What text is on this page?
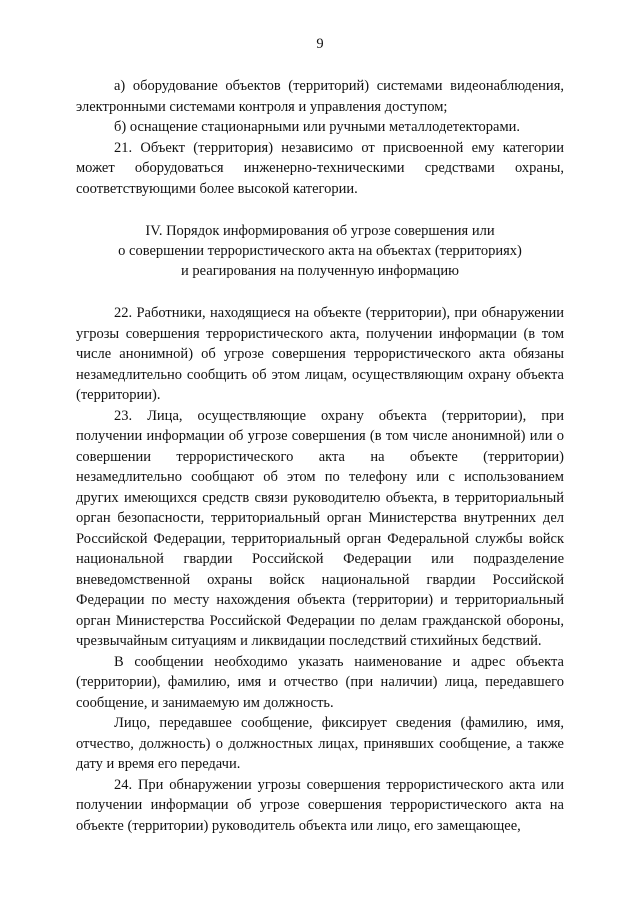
9

а) оборудование объектов (территорий) системами видеонаблюдения, электронными системами контроля и управления доступом;

б) оснащение стационарными или ручными металлодетекторами.

21. Объект (территория) независимо от присвоенной ему категории может оборудоваться инженерно-техническими средствами охраны, соответствующими более высокой категории.

IV. Порядок информирования об угрозе совершения или
о совершении террористического акта на объектах (территориях)
и реагирования на полученную информацию

22. Работники, находящиеся на объекте (территории), при обнаружении угрозы совершения террористического акта, получении информации (в том числе анонимной) об угрозе совершения террористического акта обязаны незамедлительно сообщить об этом лицам, осуществляющим охрану объекта (территории).

23. Лица, осуществляющие охрану объекта (территории), при получении информации об угрозе совершения (в том числе анонимной) или о совершении террористического акта на объекте (территории) незамедлительно сообщают об этом по телефону или с использованием других имеющихся средств связи руководителю объекта, в территориальный орган безопасности, территориальный орган Министерства внутренних дел Российской Федерации, территориальный орган Федеральной службы войск национальной гвардии Российской Федерации или подразделение вневедомственной охраны войск национальной гвардии Российской Федерации по месту нахождения объекта (территории) и территориальный орган Министерства Российской Федерации по делам гражданской обороны, чрезвычайным ситуациям и ликвидации последствий стихийных бедствий.

В сообщении необходимо указать наименование и адрес объекта (территории), фамилию, имя и отчество (при наличии) лица, передавшего сообщение, и занимаемую им должность.

Лицо, передавшее сообщение, фиксирует сведения (фамилию, имя, отчество, должность) о должностных лицах, принявших сообщение, а также дату и время его передачи.

24. При обнаружении угрозы совершения террористического акта или получении информации об угрозе совершения террористического акта на объекте (территории) руководитель объекта или лицо, его замещающее,
